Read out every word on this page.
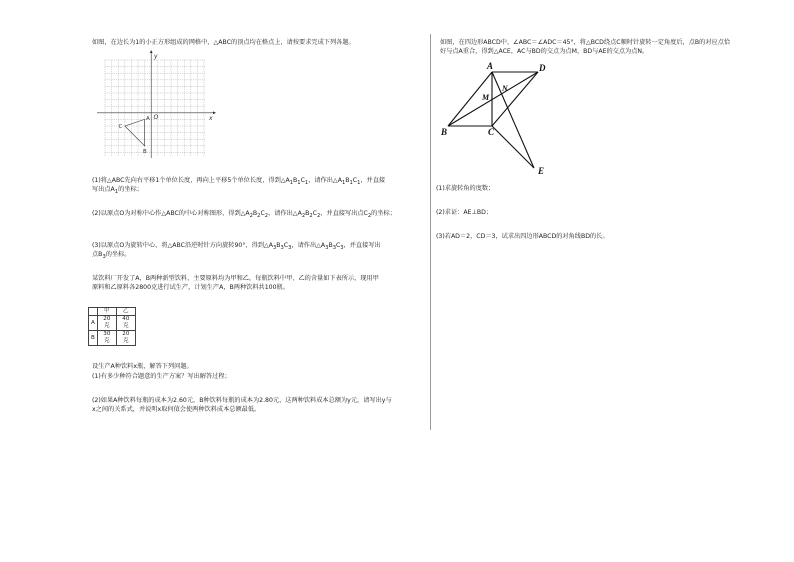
如图，在边长为1的小正方形组成的网格中，△ABC的顶点均在格点上，请按要求完成下列各题。
x
y
O
A
B
C
(1)将△ABC先向右平移1个单位长度，再向上平移5个单位长度，得到$\triangle A_1B_1C_1$，请作出$\triangle A_1B_1C_1$，并直接
写出点$A_1$的坐标；
(2)以原点O为对称中心作△ABC的中心对称图形，得到$\triangle A_2B_2C_2$，请作出$\triangle A_2B_2C_2$，并直接写出点$C_2$的坐标；
(3)以原点O为旋转中心，将△ABC沿逆时针方向旋转90°，得到$\triangle A_3B_3C_3$，请作出$\triangle A_3B_3C_3$，并直接写出
点$B_3$的坐标。
某饮料厂开发了A，B两种新型饮料，主要原料均为甲和乙，每瓶饮料中甲、乙的含量如下表所示，现用甲
原料和乙原料各2800克进行试生产，计划生产A，B两种饮料共100瓶。
	甲	乙
A	20
克	40
克
B	30
克	20
克
设生产A种饮料x瓶，解答下列问题。
(1)有多少种符合题意的生产方案？写出解答过程；
(2)如果A种饮料每瓶的成本为2.60元，B种饮料每瓶的成本为2.80元，这两种饮料成本总额为y元，请写出y与
x之间的关系式，并说明x取何值会使两种饮料成本总额最低。
如图，在四边形ABCD中，∠ABC＝∠ADC＝45°，将△BCD绕点C顺时针旋转一定角度后，点B的对应点恰
好与点A重合，得到△ACE，AC与BD的交点为点M，BD与AE的交点为点N。
A	D
N
M
B	C
E
(1)求旋转角的度数；
(2)求证：AE⊥BD；
(3)若AD＝2，CD＝3，试求出四边形ABCD的对角线BD的长。
